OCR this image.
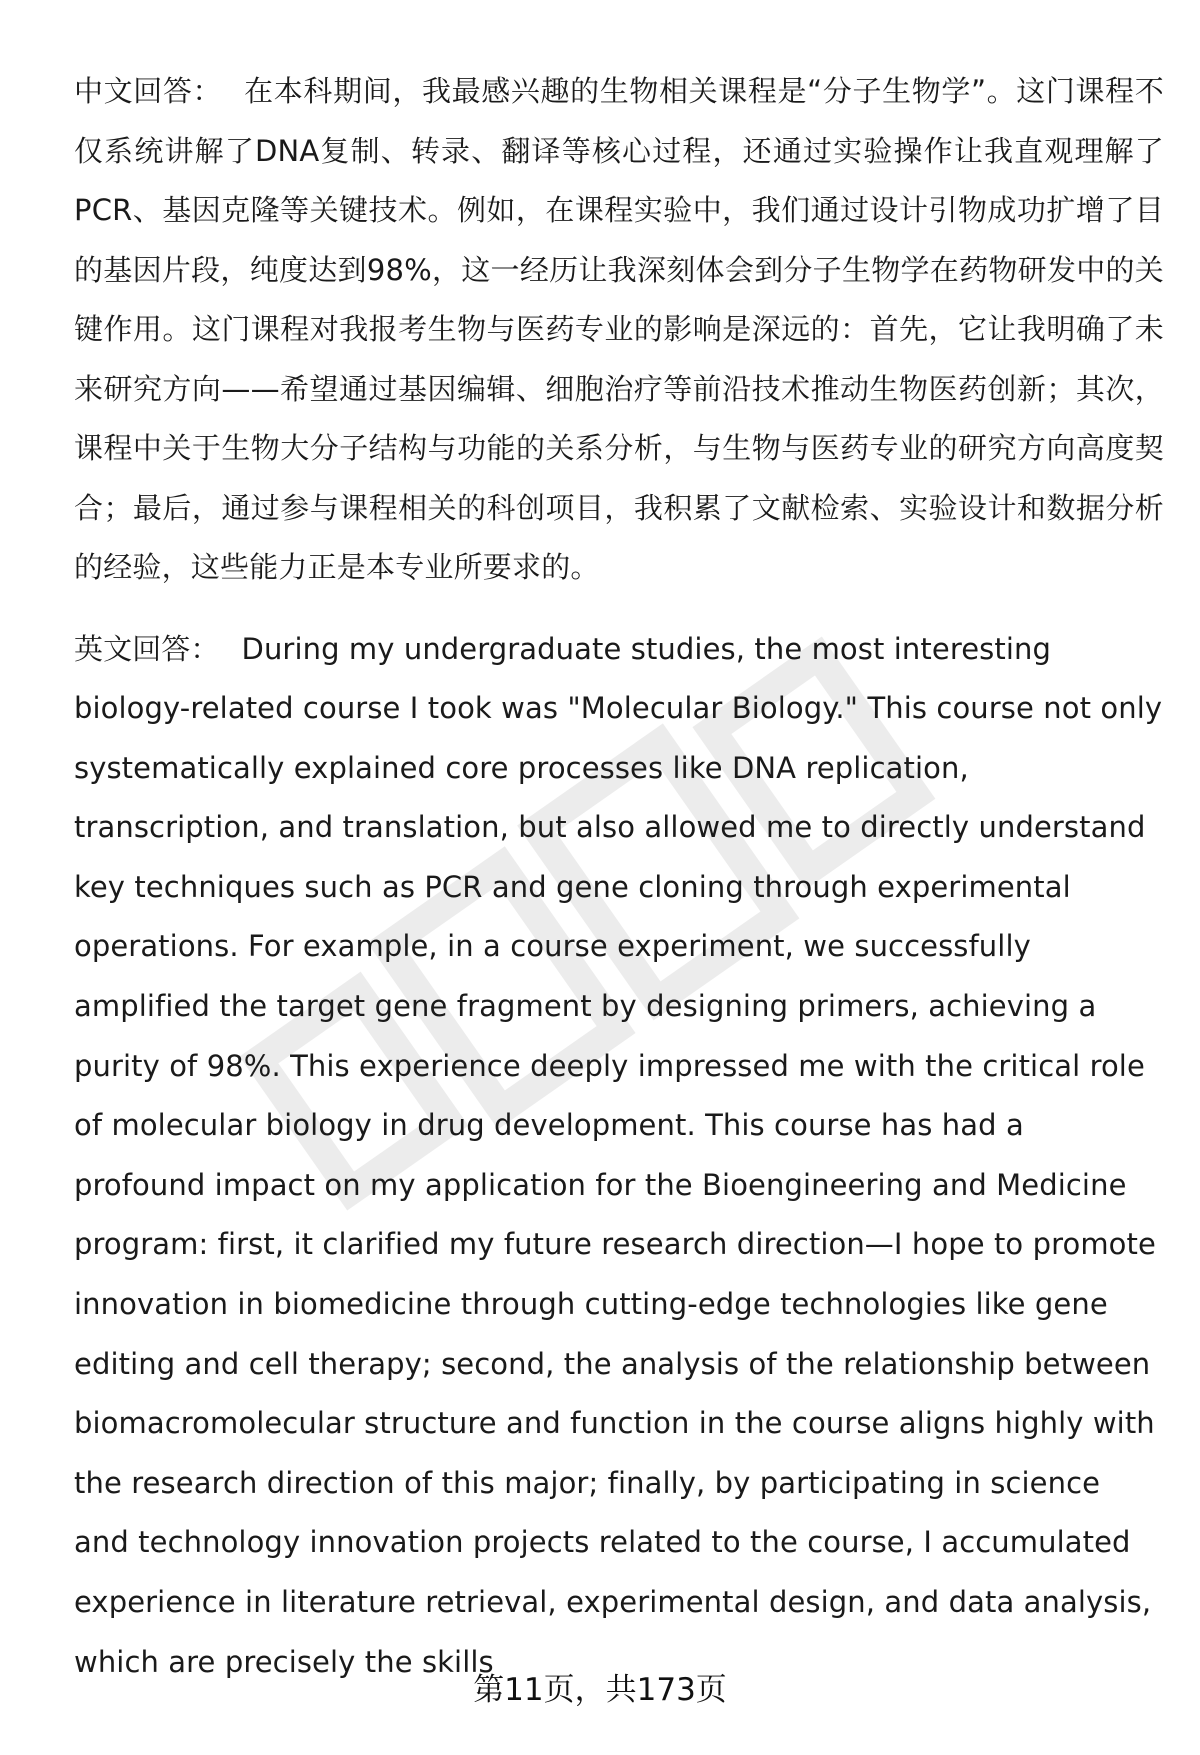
中文回答： 在本科期间，我最感兴趣的生物相关课程是“分子生物学”。这门课程不仅系统讲解了DNA复制、转录、翻译等核心过程，还通过实验操作让我直观理解了PCR、基因克隆等关键技术。例如，在课程实验中，我们通过设计引物成功扩增了目的基因片段，纯度达到98%，这一经历让我深刻体会到分子生物学在药物研发中的关键作用。这门课程对我报考生物与医药专业的影响是深远的：首先，它让我明确了未来研究方向——希望通过基因编辑、细胞治疗等前沿技术推动生物医药创新；其次，课程中关于生物大分子结构与功能的关系分析，与生物与医药专业的研究方向高度契合；最后，通过参与课程相关的科创项目，我积累了文献检索、实验设计和数据分析的经验，这些能力正是本专业所要求的。

英文回答： During my undergraduate studies, the most interesting biology-related course I took was "Molecular Biology." This course not only systematically explained core processes like DNA replication, transcription, and translation, but also allowed me to directly understand key techniques such as PCR and gene cloning through experimental operations. For example, in a course experiment, we successfully amplified the target gene fragment by designing primers, achieving a purity of 98%. This experience deeply impressed me with the critical role of molecular biology in drug development. This course has had a profound impact on my application for the Bioengineering and Medicine program: first, it clarified my future research direction—I hope to promote innovation in biomedicine through cutting-edge technologies like gene editing and cell therapy; second, the analysis of the relationship between biomacromolecular structure and function in the course aligns highly with the research direction of this major; finally, by participating in science and technology innovation projects related to the course, I accumulated experience in literature retrieval, experimental design, and data analysis, which are precisely the skills

第11页，共173页
